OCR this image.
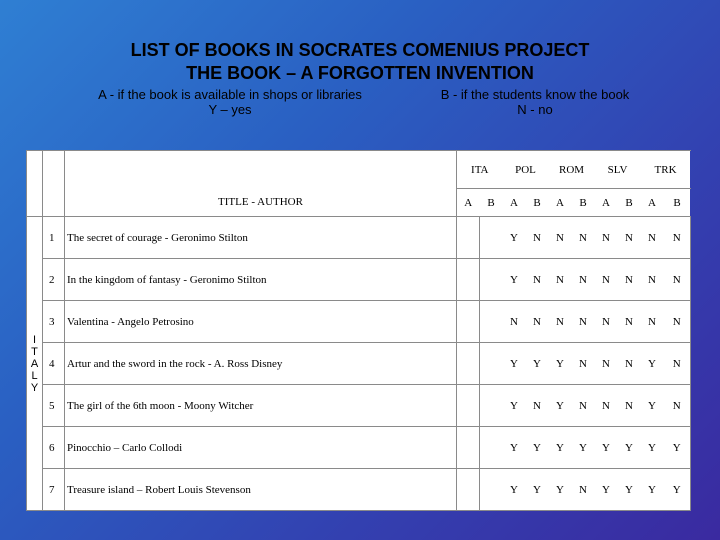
LIST OF BOOKS IN SOCRATES COMENIUS PROJECT
THE BOOK – A FORGOTTEN INVENTION
A - if the book is available in shops or libraries
Y – yes
B - if the students know the book
N - no
		TITLE - AUTHOR	ITA		POL		ROM		SLV		TRK	
			A	B	A	B	A	B	A	B	A	B

I
T
A
L
Y	1	The secret of courage - Geronimo Stilton			Y	N	N	N	N	N	N	N
	2	In the kingdom of fantasy - Geronimo Stilton			Y	N	N	N	N	N	N	N
	3	Valentina - Angelo Petrosino			N	N	N	N	N	N	N	N
	4	Artur and the sword in the rock - A. Ross Disney			Y	Y	Y	N	N	N	Y	N
	5	The girl of the 6th moon - Moony Witcher			Y	N	Y	N	N	N	Y	N
	6	Pinocchio – Carlo Collodi			Y	Y	Y	Y	Y	Y	Y	Y
	7	Treasure island – Robert Louis Stevenson			Y	Y	Y	N	Y	Y	Y	Y
